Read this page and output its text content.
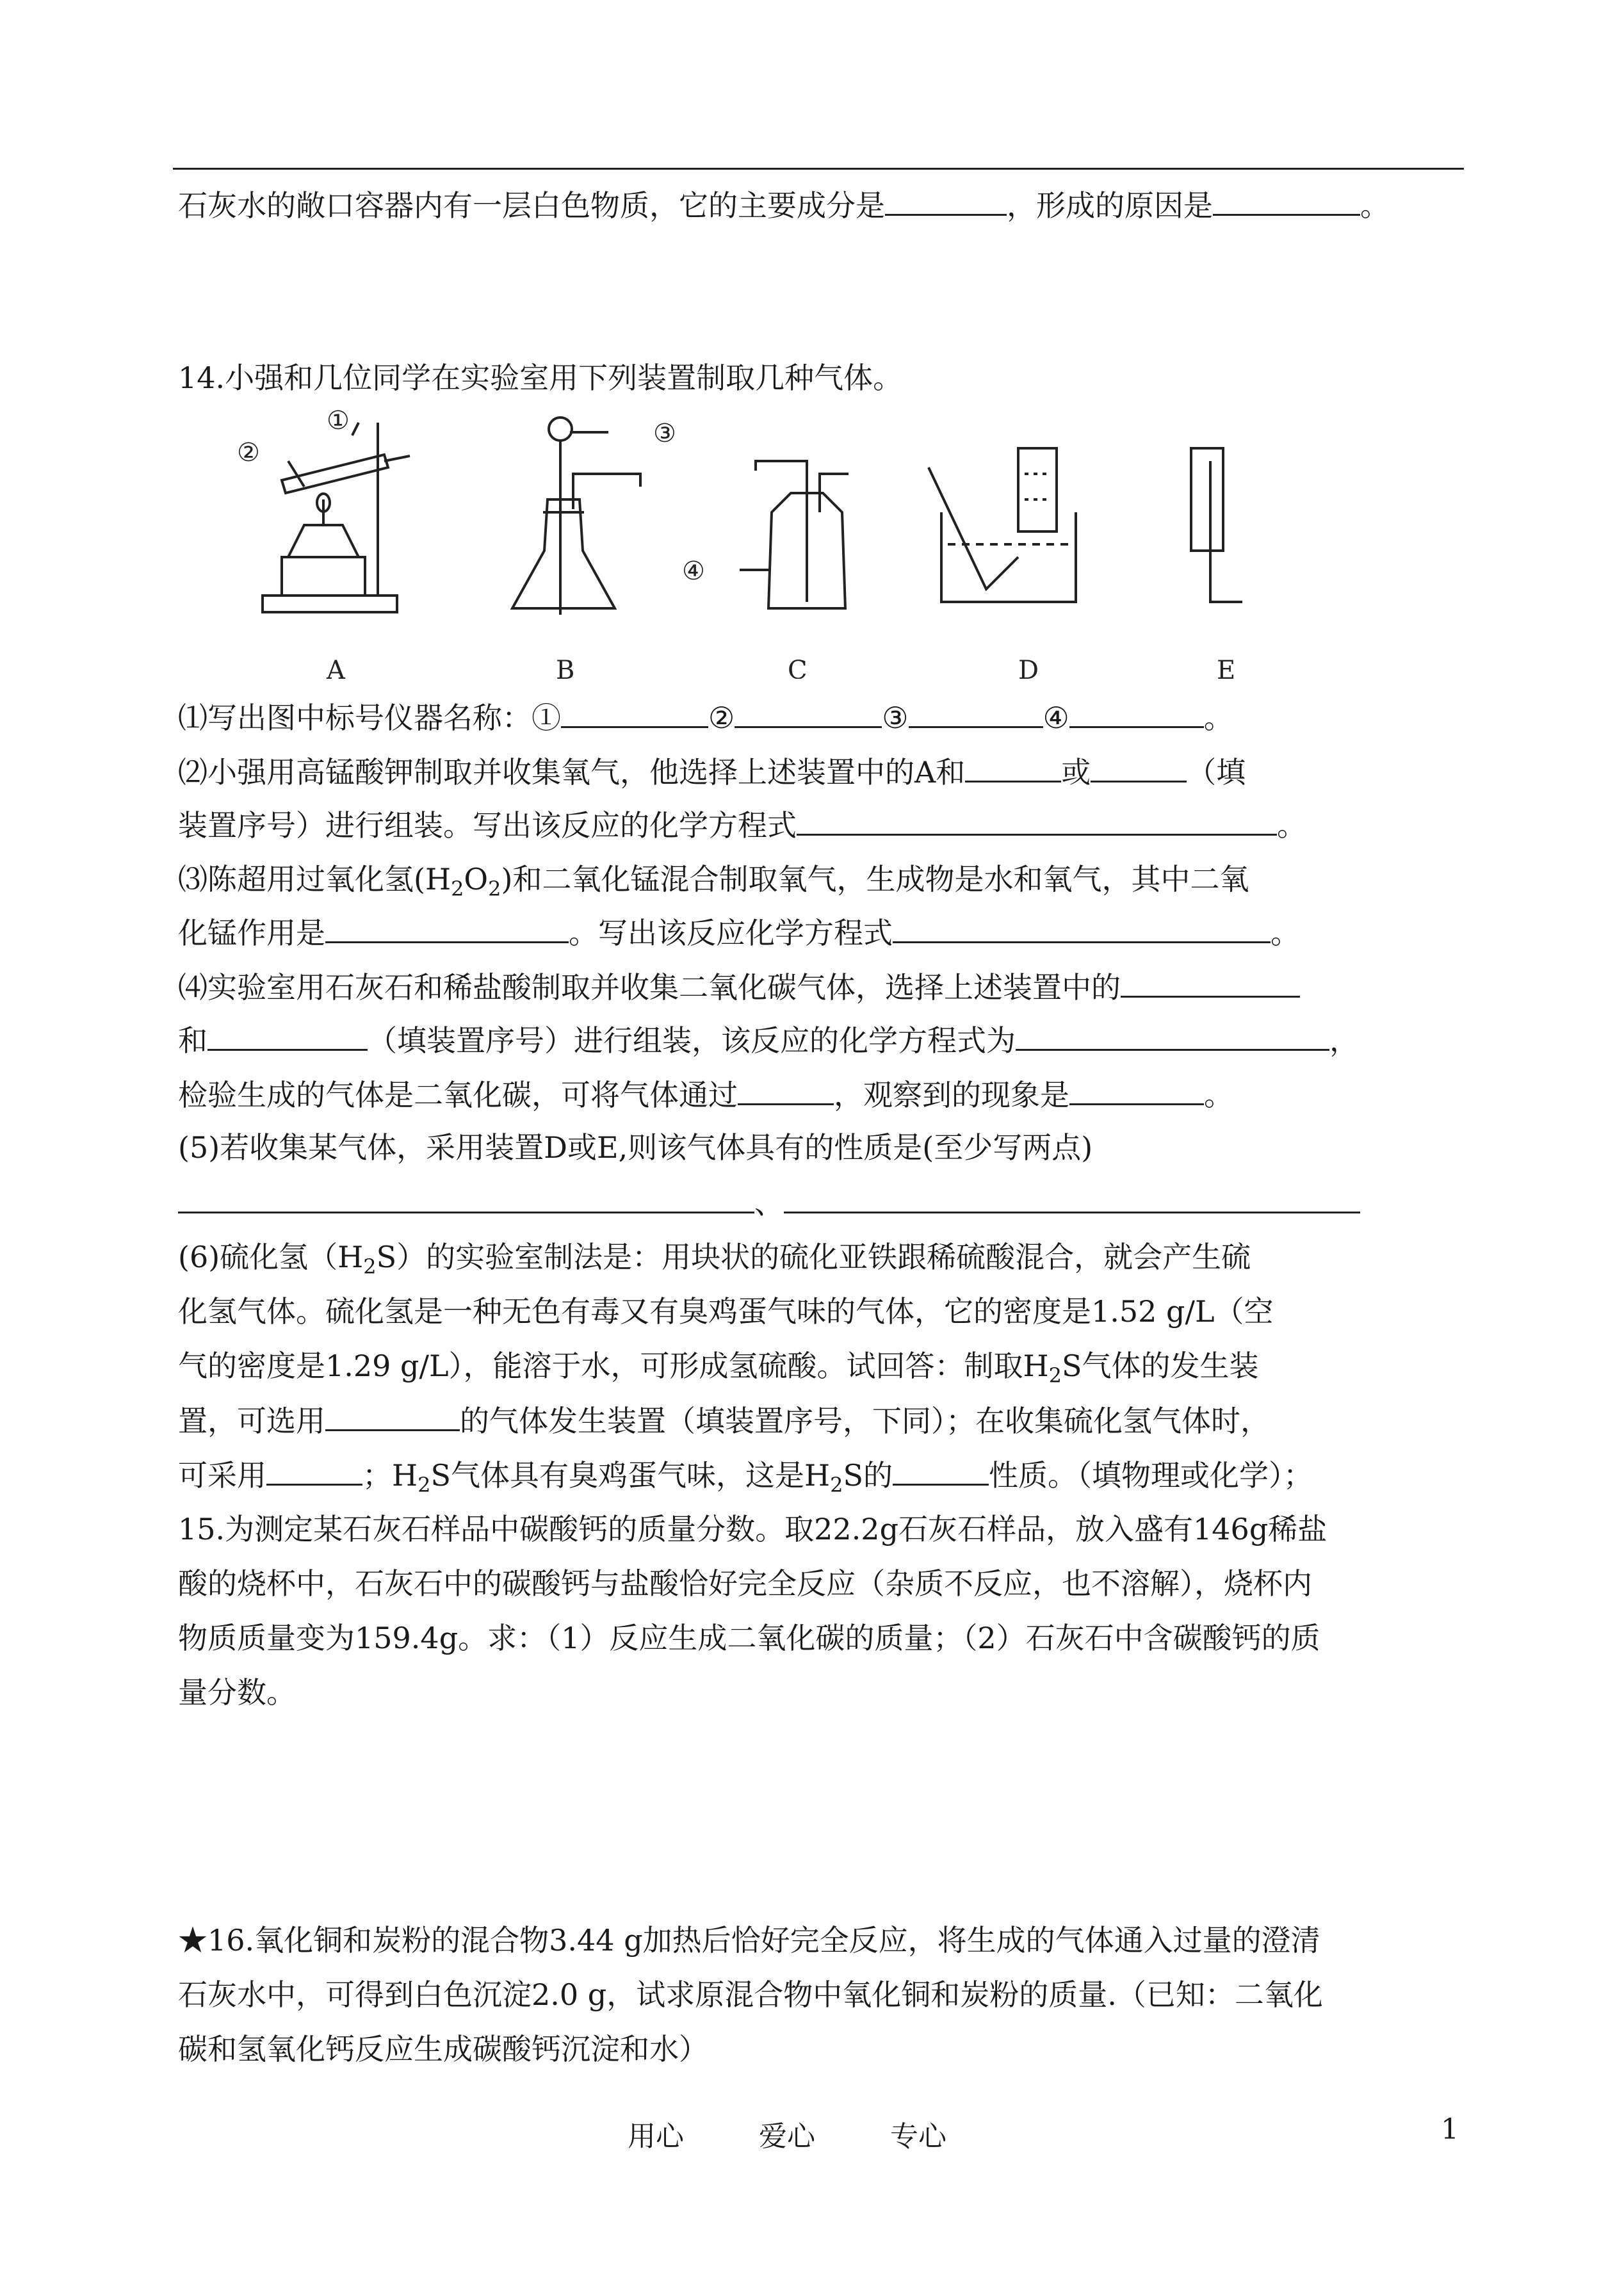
石灰水的敞口容器内有一层白色物质，它的主要成分是	，形成的原因是	。
14.小强和几位同学在实验室用下列装置制取几种气体。
①
②
③
④
A	B	C	D	E
⑴写出图中标号仪器名称：①	②	③	④	。
⑵小强用高锰酸钾制取并收集氧气，他选择上述装置中的A和	或	（填
装置序号）进行组装。写出该反应的化学方程式	。
⑶陈超用过氧化氢$(H_2O_2)$和二氧化锰混合制取氧气，生成物是水和氧气，其中二氧
化锰作用是	。写出该反应化学方程式	。
⑷实验室用石灰石和稀盐酸制取并收集二氧化碳气体，选择上述装置中的
和	（填装置序号）进行组装，该反应的化学方程式为	，
检验生成的气体是二氧化碳，可将气体通过	，观察到的现象是	。
(5)若收集某气体，采用装置D或E,则该气体具有的性质是(至少写两点)
、
(6)硫化氢$(H_2S)$的实验室制法是：用块状的硫化亚铁跟稀硫酸混合，就会产生硫
化氢气体。硫化氢是一种无色有毒又有臭鸡蛋气味的气体，它的密度是1.52 g/L（空
气的密度是1.29 g/L），能溶于水，可形成氢硫酸。试回答：制取$H_2S$气体的发生装
置，可选用	的气体发生装置（填装置序号，下同）；在收集硫化氢气体时，
可采用	；$H_2S$气体具有臭鸡蛋气味，这是$H_2S$的	性质。（填物理或化学）；
15.为测定某石灰石样品中碳酸钙的质量分数。取22.2g石灰石样品，放入盛有146g稀盐
酸的烧杯中，石灰石中的碳酸钙与盐酸恰好完全反应（杂质不反应，也不溶解），烧杯内
物质质量变为159.4g。求：（1）反应生成二氧化碳的质量；（2）石灰石中含碳酸钙的质
量分数。
★16.氧化铜和炭粉的混合物3.44 g加热后恰好完全反应，将生成的气体通入过量的澄清
石灰水中，可得到白色沉淀2.0 g，试求原混合物中氧化铜和炭粉的质量.（已知：二氧化
碳和氢氧化钙反应生成碳酸钙沉淀和水）
用心	爱心	专心	1
